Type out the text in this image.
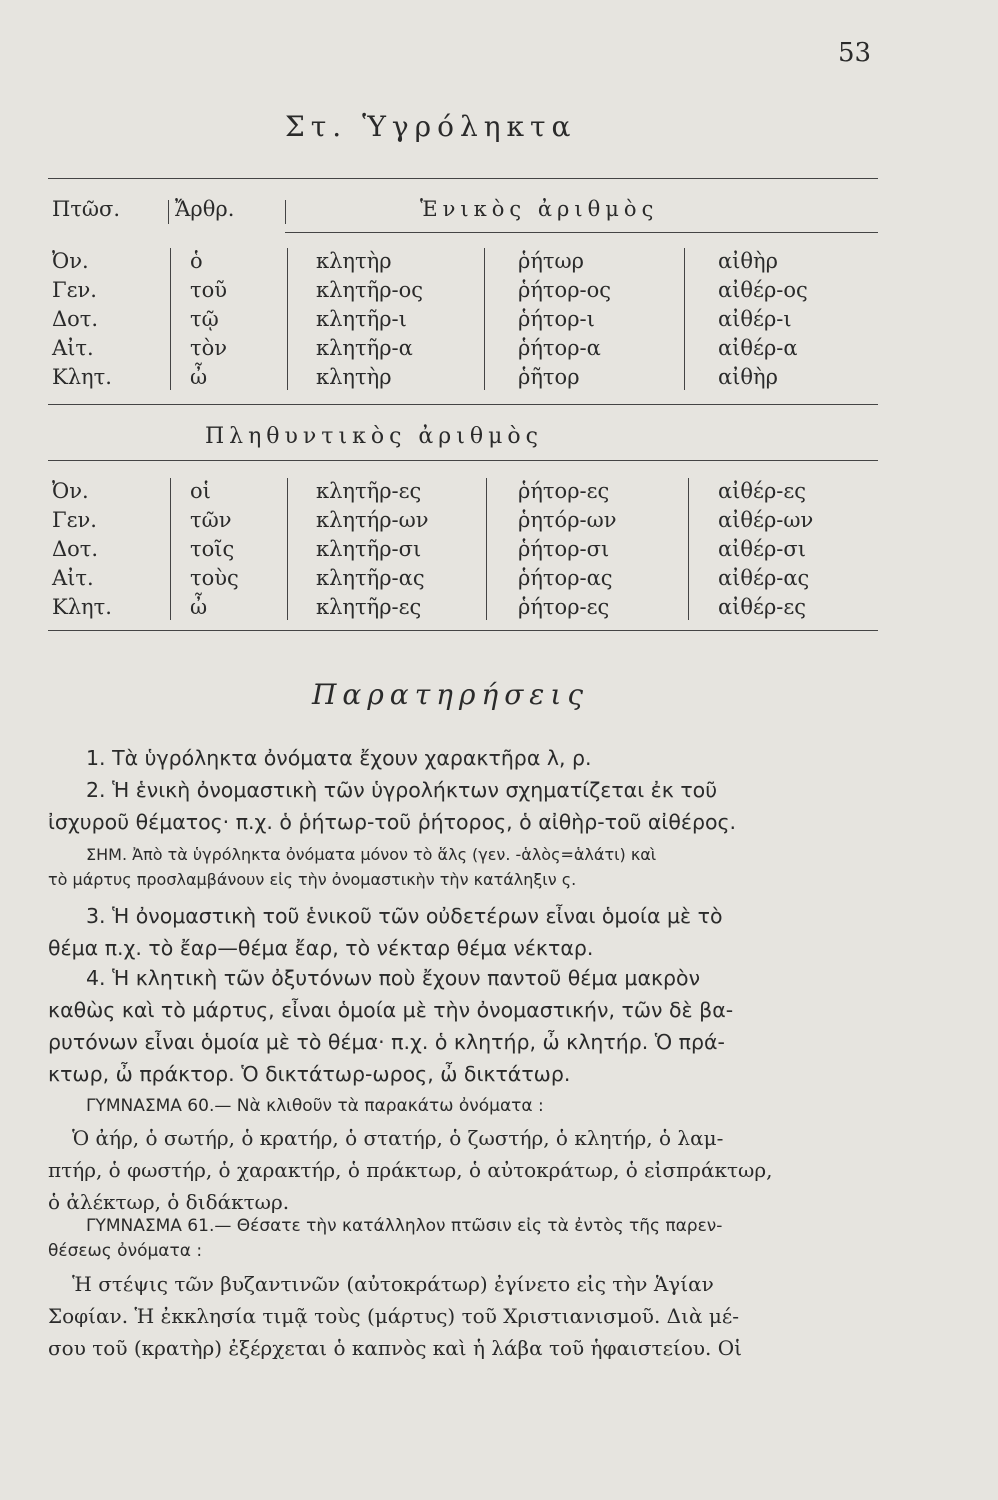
53
Στ. Ὑγρόληκτα
Πτῶσ.	Ἄρθρ.	Ἑνικὸς ἀριθμὸς
Ὀν.	ὁ	κλητὴρ	ῥήτωρ	αἰθὴρ
Γεν.	τοῦ	κλητῆρ-ος	ῥήτορ-ος	αἰθέρ-ος
Δοτ.	τῷ	κλητῆρ-ι	ῥήτορ-ι	αἰθέρ-ι
Αἰτ.	τὸν	κλητῆρ-α	ῥήτορ-α	αἰθέρ-α
Κλητ.	ὦ	κλητὴρ	ῥῆτορ	αἰθὴρ
Πληθυντικὸς ἀριθμὸς
Ὀν.	οἱ	κλητῆρ-ες	ῥήτορ-ες	αἰθέρ-ες
Γεν.	τῶν	κλητήρ-ων	ῥητόρ-ων	αἰθέρ-ων
Δοτ.	τοῖς	κλητῆρ-σι	ῥήτορ-σι	αἰθέρ-σι
Αἰτ.	τοὺς	κλητῆρ-ας	ῥήτορ-ας	αἰθέρ-ας
Κλητ.	ὦ	κλητῆρ-ες	ῥήτορ-ες	αἰθέρ-ες
Παρατηρήσεις
1. Τὰ ὑγρόληκτα ὀνόματα ἔχουν χαρακτῆρα λ, ρ.
2. Ἡ ἑνικὴ ὀνομαστικὴ τῶν ὑγρολήκτων σχηματίζεται ἐκ τοῦ
ἰσχυροῦ θέματος· π.χ. ὁ ῥήτωρ-τοῦ ῥήτορος, ὁ αἰθὴρ-τοῦ αἰθέρος.
ΣΗΜ. Ἀπὸ τὰ ὑγρόληκτα ὀνόματα μόνον τὸ ἅλς (γεν. -ἁλὸς=ἁλάτι) καὶ
τὸ μάρτυς προσλαμβάνουν εἰς τὴν ὀνομαστικὴν τὴν κατάληξιν ς.
3. Ἡ ὀνομαστικὴ τοῦ ἑνικοῦ τῶν οὐδετέρων εἶναι ὁμοία μὲ τὸ
θέμα π.χ. τὸ ἔαρ—θέμα ἔαρ, τὸ νέκταρ θέμα νέκταρ.
4. Ἡ κλητικὴ τῶν ὀξυτόνων ποὺ ἔχουν παντοῦ θέμα μακρὸν
καθὼς καὶ τὸ μάρτυς, εἶναι ὁμοία μὲ τὴν ὀνομαστικήν, τῶν δὲ βα-
ρυτόνων εἶναι ὁμοία μὲ τὸ θέμα· π.χ. ὁ κλητήρ, ὦ κλητήρ. Ὁ πρά-
κτωρ, ὦ πράκτορ. Ὁ δικτάτωρ-ωρος, ὦ δικτάτωρ.
ΓΥΜΝΑΣΜΑ 60.— Νὰ κλιθοῦν τὰ παρακάτω ὀνόματα :
Ὁ ἀήρ, ὁ σωτήρ, ὁ κρατήρ, ὁ στατήρ, ὁ ζωστήρ, ὁ κλητήρ, ὁ λαμ-
πτήρ, ὁ φωστήρ, ὁ χαρακτήρ, ὁ πράκτωρ, ὁ αὐτοκράτωρ, ὁ εἰσπράκτωρ,
ὁ ἀλέκτωρ, ὁ διδάκτωρ.
ΓΥΜΝΑΣΜΑ 61.— Θέσατε τὴν κατάλληλον πτῶσιν εἰς τὰ ἐντὸς τῆς παρεν-
θέσεως ὀνόματα :
Ἡ στέψις τῶν βυζαντινῶν (αὐτοκράτωρ) ἐγίνετο εἰς τὴν Ἁγίαν
Σοφίαν. Ἡ ἐκκλησία τιμᾷ τοὺς (μάρτυς) τοῦ Χριστιανισμοῦ. Διὰ μέ-
σου τοῦ (κρατὴρ) ἐξέρχεται ὁ καπνὸς καὶ ἡ λάβα τοῦ ἡφαιστείου. Οἱ
